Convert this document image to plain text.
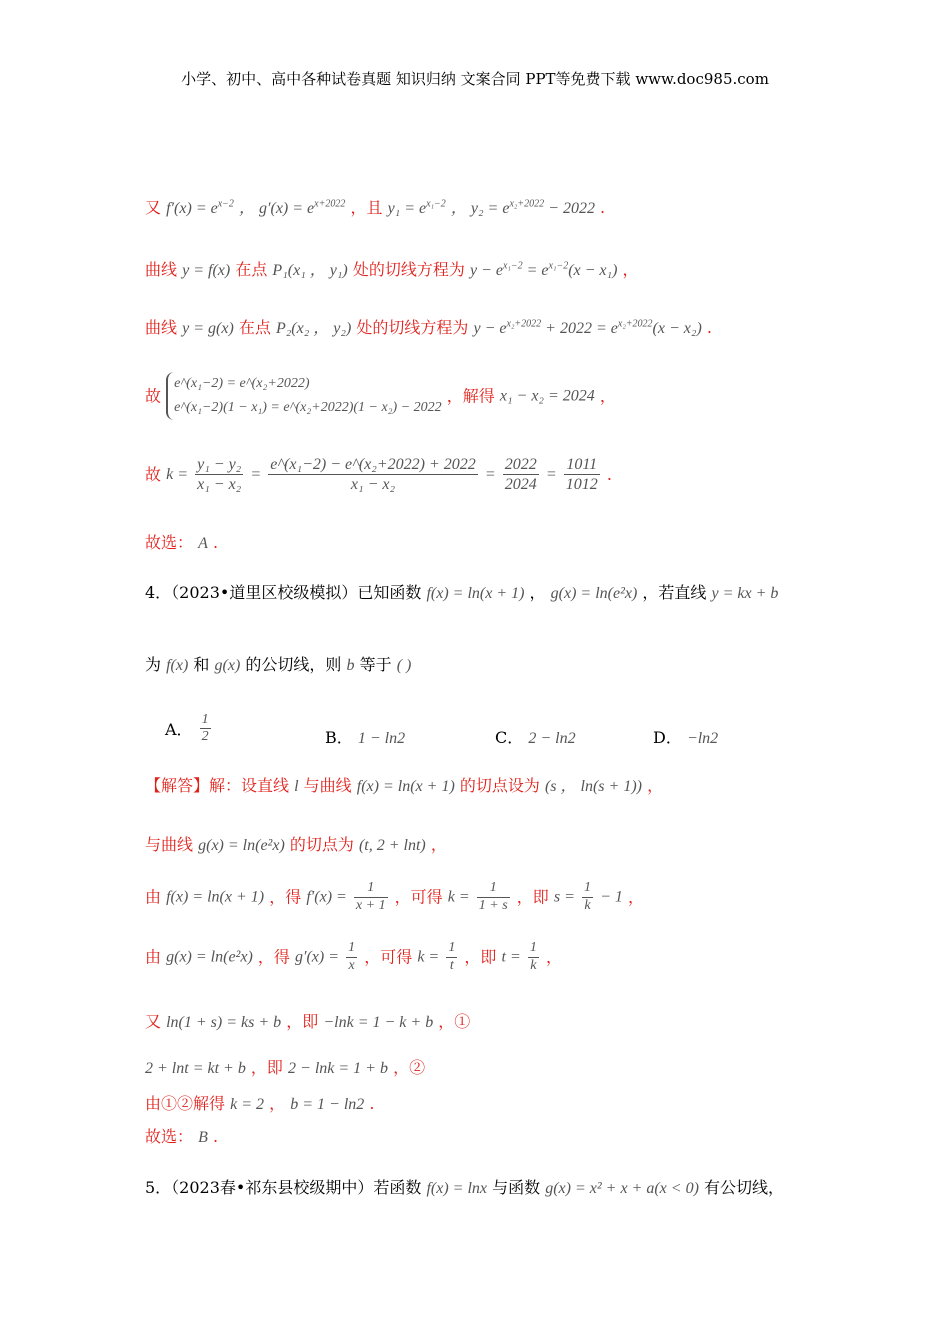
小学、初中、高中各种试卷真题 知识归纳 文案合同 PPT等免费下载 www.doc985.com
又 $f'(x) = e^{x-2}$ ， $g'(x) = e^{x+2022}$ ，且 $y_1 = e^{x_1-2}$ ， $y_2 = e^{x_2+2022} - 2022$ .
曲线 y = f(x) 在点 P₁(x₁ ， y₁) 处的切线方程为 $y - e^{x_1-2} = e^{x_1-2}(x - x_1)$ ，
曲线 y = g(x) 在点 P₂(x₂ ， y₂) 处的切线方程为 $y - e^{x_2+2022} + 2022 = e^{x_2+2022}(x - x_2)$ .
故
e^(x₁−2) = e^(x₂+2022)
e^(x₁−2)(1 − x₁) = e^(x₂+2022)(1 − x₂) − 2022
，解得 x₁ − x₂ = 2024 ，
故 $k = \frac{\text{y₁ − y₂}}{\text{x₁ − x₂}} = \frac{\text{e\textasciicircum{}(x₁−2) − e\textasciicircum{}(x₂+2022) + 2022}}{\text{x₁ − x₂}} = \frac{2022}{2024} = \frac{1011}{1012}$ .
故选： A .
4．（2023•道里区校级模拟）已知函数 f(x) = ln(x + 1) ， g(x) = ln(e²x) ，若直线 y = kx + b
为 f(x) 和 g(x) 的公切线，则 b 等于 ( )
A． $\frac{1}{2}$	B． 1 − ln2	C． 2 − ln2	D． −ln2
【解答】解：设直线 l 与曲线 f(x) = ln(x + 1) 的切点设为 (s ， ln(s + 1)) ，
与曲线 g(x) = ln(e²x) 的切点为 (t, 2 + lnt) ，
由 f(x) = ln(x + 1) ，得 $f'(x) = \frac{1}{x + 1}$ ，可得 $k = \frac{1}{1 + s}$ ，即 $s = \frac{1}{k} - 1$ ，
由 g(x) = ln(e²x) ，得 $g'(x) = \frac{1}{x}$ ，可得 $k = \frac{1}{t}$ ，即 $t = \frac{1}{k}$ ，
又 ln(1 + s) = ks + b ，即 −lnk = 1 − k + b ，①
2 + lnt = kt + b ，即 2 − lnk = 1 + b ，②
由①②解得 k = 2 ， b = 1 − ln2 .
故选： B .
5．（2023春•祁东县校级期中）若函数 f(x) = lnx 与函数 g(x) = x² + x + a(x < 0) 有公切线，
